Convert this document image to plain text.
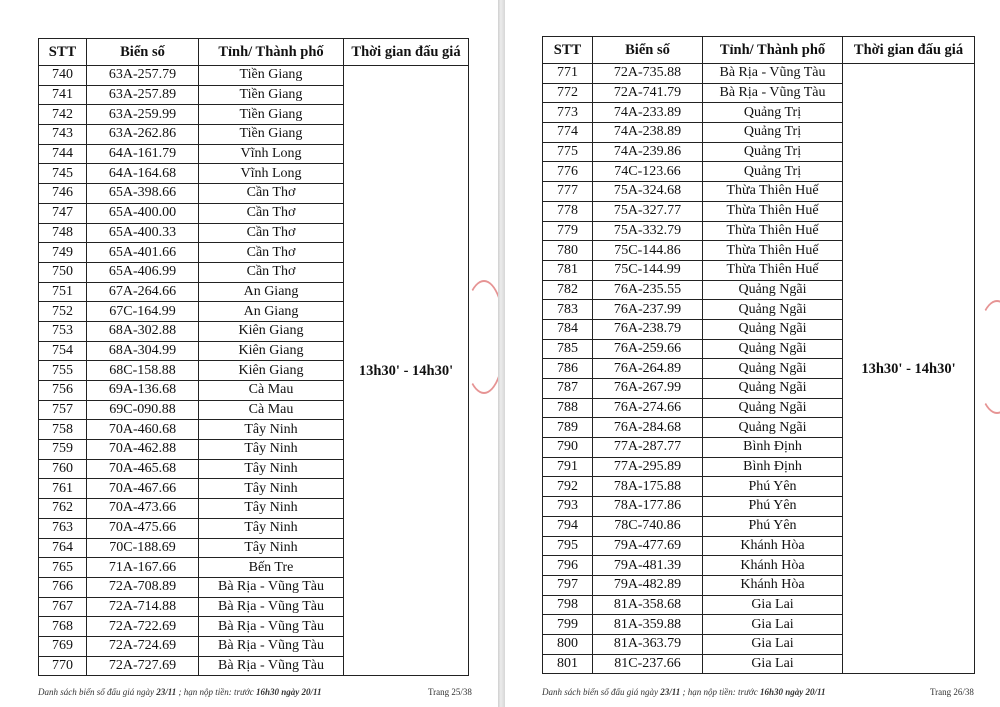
STT	Biển số	Tỉnh/ Thành phố	Thời gian đấu giá
740	63A-257.79	Tiền Giang	13h30' - 14h30'
741	63A-257.89	Tiền Giang	
742	63A-259.99	Tiền Giang	
743	63A-262.86	Tiền Giang	
744	64A-161.79	Vĩnh Long	
745	64A-164.68	Vĩnh Long	
746	65A-398.66	Cần Thơ	
747	65A-400.00	Cần Thơ	
748	65A-400.33	Cần Thơ	
749	65A-401.66	Cần Thơ	
750	65A-406.99	Cần Thơ	
751	67A-264.66	An Giang	
752	67C-164.99	An Giang	
753	68A-302.88	Kiên Giang	
754	68A-304.99	Kiên Giang	
755	68C-158.88	Kiên Giang	
756	69A-136.68	Cà Mau	
757	69C-090.88	Cà Mau	
758	70A-460.68	Tây Ninh	
759	70A-462.88	Tây Ninh	
760	70A-465.68	Tây Ninh	
761	70A-467.66	Tây Ninh	
762	70A-473.66	Tây Ninh	
763	70A-475.66	Tây Ninh	
764	70C-188.69	Tây Ninh	
765	71A-167.66	Bến Tre	
766	72A-708.89	Bà Rịa - Vũng Tàu	
767	72A-714.88	Bà Rịa - Vũng Tàu	
768	72A-722.69	Bà Rịa - Vũng Tàu	
769	72A-724.69	Bà Rịa - Vũng Tàu	
770	72A-727.69	Bà Rịa - Vũng Tàu	
Danh sách biển số đấu giá ngày 23/11 ; hạn nộp tiền: trước 16h30 ngày 20/11	Trang 25/38
STT	Biển số	Tỉnh/ Thành phố	Thời gian đấu giá
771	72A-735.88	Bà Rịa - Vũng Tàu	13h30' - 14h30'
772	72A-741.79	Bà Rịa - Vũng Tàu	
773	74A-233.89	Quảng Trị	
774	74A-238.89	Quảng Trị	
775	74A-239.86	Quảng Trị	
776	74C-123.66	Quảng Trị	
777	75A-324.68	Thừa Thiên Huế	
778	75A-327.77	Thừa Thiên Huế	
779	75A-332.79	Thừa Thiên Huế	
780	75C-144.86	Thừa Thiên Huế	
781	75C-144.99	Thừa Thiên Huế	
782	76A-235.55	Quảng Ngãi	
783	76A-237.99	Quảng Ngãi	
784	76A-238.79	Quảng Ngãi	
785	76A-259.66	Quảng Ngãi	
786	76A-264.89	Quảng Ngãi	
787	76A-267.99	Quảng Ngãi	
788	76A-274.66	Quảng Ngãi	
789	76A-284.68	Quảng Ngãi	
790	77A-287.77	Bình Định	
791	77A-295.89	Bình Định	
792	78A-175.88	Phú Yên	
793	78A-177.86	Phú Yên	
794	78C-740.86	Phú Yên	
795	79A-477.69	Khánh Hòa	
796	79A-481.39	Khánh Hòa	
797	79A-482.89	Khánh Hòa	
798	81A-358.68	Gia Lai	
799	81A-359.88	Gia Lai	
800	81A-363.79	Gia Lai	
801	81C-237.66	Gia Lai	
Danh sách biển số đấu giá ngày 23/11 ; hạn nộp tiền: trước 16h30 ngày 20/11	Trang 26/38
